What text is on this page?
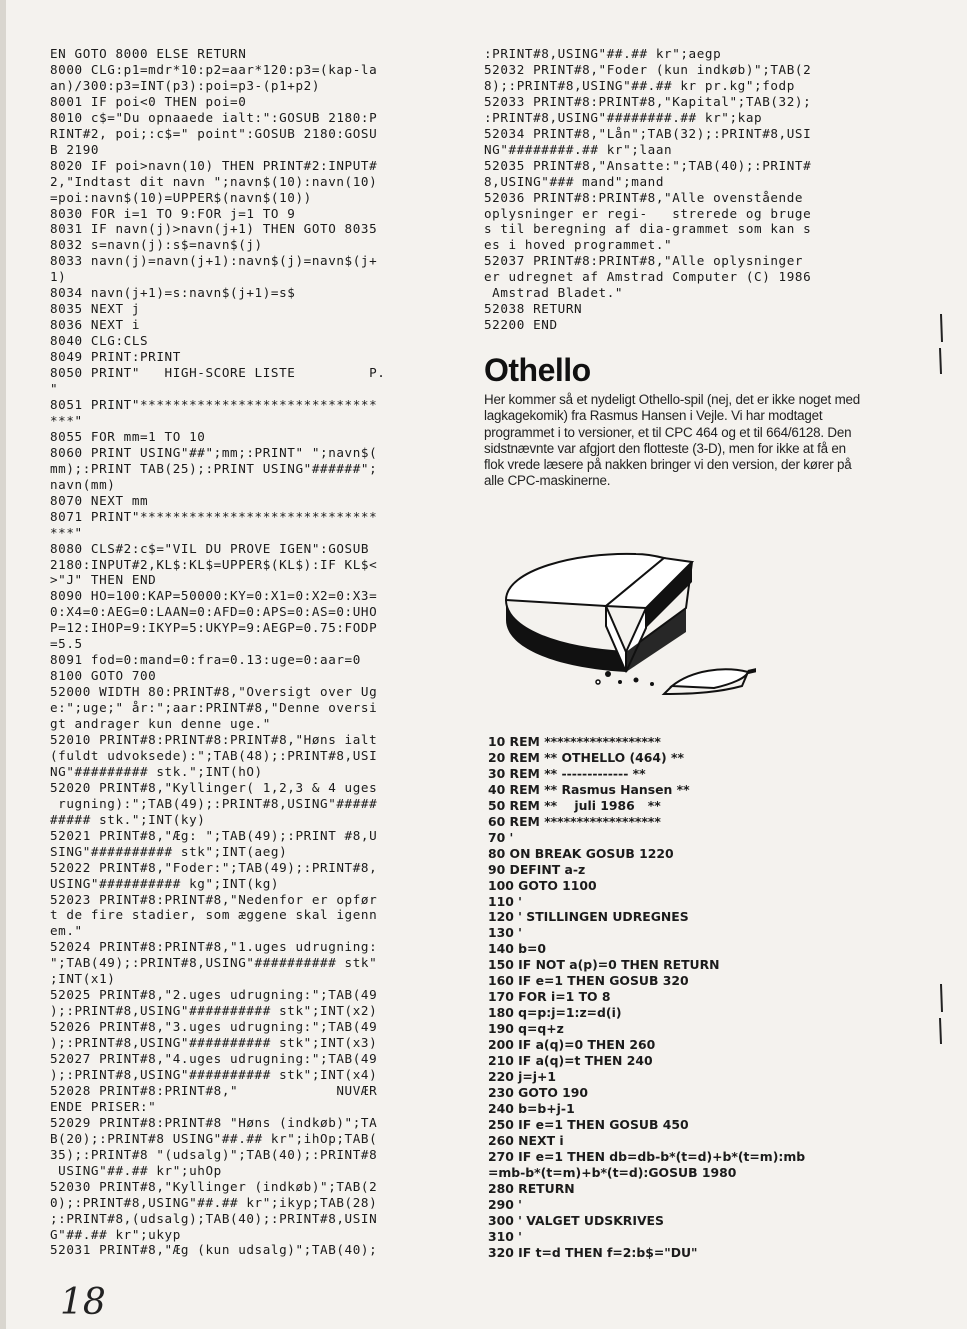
EN GOTO 8000 ELSE RETURN
8000 CLG:p1=mdr*10:p2=aar*120:p3=(kap-la
an)/300:p3=INT(p3):poi=p3-(p1+p2)
8001 IF poi<0 THEN poi=0
8010 c$="Du opnaaede ialt:":GOSUB 2180:P
RINT#2, poi;:c$=" point":GOSUB 2180:GOSU
B 2190
8020 IF poi>navn(10) THEN PRINT#2:INPUT#
2,"Indtast dit navn ";navn$(10):navn(10)
=poi:navn$(10)=UPPER$(navn$(10))
8030 FOR i=1 TO 9:FOR j=1 TO 9
8031 IF navn(j)>navn(j+1) THEN GOTO 8035
8032 s=navn(j):s$=navn$(j)
8033 navn(j)=navn(j+1):navn$(j)=navn$(j+
1)
8034 navn(j+1)=s:navn$(j+1)=s$
8035 NEXT j
8036 NEXT i
8040 CLG:CLS
8049 PRINT:PRINT
8050 PRINT"   HIGH-SCORE LISTE         P.
"
8051 PRINT"*****************************
***"
8055 FOR mm=1 TO 10
8060 PRINT USING"##";mm;:PRINT" ";navn$(
mm);:PRINT TAB(25);:PRINT USING"######";
navn(mm)
8070 NEXT mm
8071 PRINT"*****************************
***"
8080 CLS#2:c$="VIL DU PROVE IGEN":GOSUB
2180:INPUT#2,KL$:KL$=UPPER$(KL$):IF KL$<
>"J" THEN END
8090 HO=100:KAP=50000:KY=0:X1=0:X2=0:X3=
0:X4=0:AEG=0:LAAN=0:AFD=0:APS=0:AS=0:UHO
P=12:IHOP=9:IKYP=5:UKYP=9:AEGP=0.75:FODP
=5.5
8091 fod=0:mand=0:fra=0.13:uge=0:aar=0
8100 GOTO 700
52000 WIDTH 80:PRINT#8,"Oversigt over Ug
e:";uge;" år:";aar:PRINT#8,"Denne oversi
gt andrager kun denne uge."
52010 PRINT#8:PRINT#8:PRINT#8,"Høns ialt
(fuldt udvoksede):";TAB(48);:PRINT#8,USI
NG"######### stk.";INT(hO)
52020 PRINT#8,"Kyllinger( 1,2,3 & 4 uges
rugning):";TAB(49);:PRINT#8,USING"#####
##### stk.";INT(ky)
52021 PRINT#8,"Æg: ";TAB(49);:PRINT #8,U
SING"########## stk";INT(aeg)
52022 PRINT#8,"Foder:";TAB(49);:PRINT#8,
USING"########## kg";INT(kg)
52023 PRINT#8:PRINT#8,"Nedenfor er opfør
t de fire stadier, som æggene skal igenn
em."
52024 PRINT#8:PRINT#8,"1.uges udrugning:
";TAB(49);:PRINT#8,USING"########## stk"
;INT(x1)
52025 PRINT#8,"2.uges udrugning:";TAB(49
);:PRINT#8,USING"########## stk";INT(x2)
52026 PRINT#8,"3.uges udrugning:";TAB(49
);:PRINT#8,USING"########## stk";INT(x3)
52027 PRINT#8,"4.uges udrugning:";TAB(49
);:PRINT#8,USING"########## stk";INT(x4)
52028 PRINT#8:PRINT#8,"            NUVÆR
ENDE PRISER:"
52029 PRINT#8:PRINT#8 "Høns (indkøb)";TA
B(20);:PRINT#8 USING"##.## kr";ihOp;TAB(
35);:PRINT#8 "(udsalg)";TAB(40);:PRINT#8
USING"##.## kr";uhOp
52030 PRINT#8,"Kyllinger (indkøb)";TAB(2
0);:PRINT#8,USING"##.## kr";ikyp;TAB(28)
;:PRINT#8,(udsalg);TAB(40);:PRINT#8,USIN
G"##.## kr";ukyp
52031 PRINT#8,"Æg (kun udsalg)";TAB(40);

:PRINT#8,USING"##.## kr";aegp
52032 PRINT#8,"Foder (kun indkøb)";TAB(2
8);:PRINT#8,USING"##.## kr pr.kg";fodp
52033 PRINT#8:PRINT#8,"Kapital";TAB(32);
:PRINT#8,USING"########.## kr";kap
52034 PRINT#8,"Lån";TAB(32);:PRINT#8,USI
NG"########.## kr";laan
52035 PRINT#8,"Ansatte:";TAB(40);:PRINT#
8,USING"### mand";mand
52036 PRINT#8:PRINT#8,"Alle ovenstående
oplysninger er regi-   strerede og bruge
s til beregning af dia-grammet som kan s
es i hoved programmet."
52037 PRINT#8:PRINT#8,"Alle oplysninger
er udregnet af Amstrad Computer (C) 1986
Amstrad Bladet."
52038 RETURN
52200 END

Othello

Her kommer så et nydeligt Othello-spil (nej, det er ikke noget med lagkagekomik) fra Rasmus Hansen i Vejle. Vi har modtaget programmet i to versioner, et til CPC 464 og et til 664/6128. Den sidstnævnte var afgjort den flotteste (3-D), men for ikke at få en flok vrede læsere på nakken bringer vi den version, der kører på alle CPC-maskinerne.

10 REM ******************
20 REM ** OTHELLO (464) **
30 REM ** ------------- **
40 REM ** Rasmus Hansen **
50 REM **    juli 1986   **
60 REM ******************
70 '
80 ON BREAK GOSUB 1220
90 DEFINT a-z
100 GOTO 1100
110 '
120 ' STILLINGEN UDREGNES
130 '
140 b=0
150 IF NOT a(p)=0 THEN RETURN
160 IF e=1 THEN GOSUB 320
170 FOR i=1 TO 8
180 q=p:j=1:z=d(i)
190 q=q+z
200 IF a(q)=0 THEN 260
210 IF a(q)=t THEN 240
220 j=j+1
230 GOTO 190
240 b=b+j-1
250 IF e=1 THEN GOSUB 450
260 NEXT i
270 IF e=1 THEN db=db-b*(t=d)+b*(t=m):mb
=mb-b*(t=m)+b*(t=d):GOSUB 1980
280 RETURN
290 '
300 ' VALGET UDSKRIVES
310 '
320 IF t=d THEN f=2:b$="DU"

18
